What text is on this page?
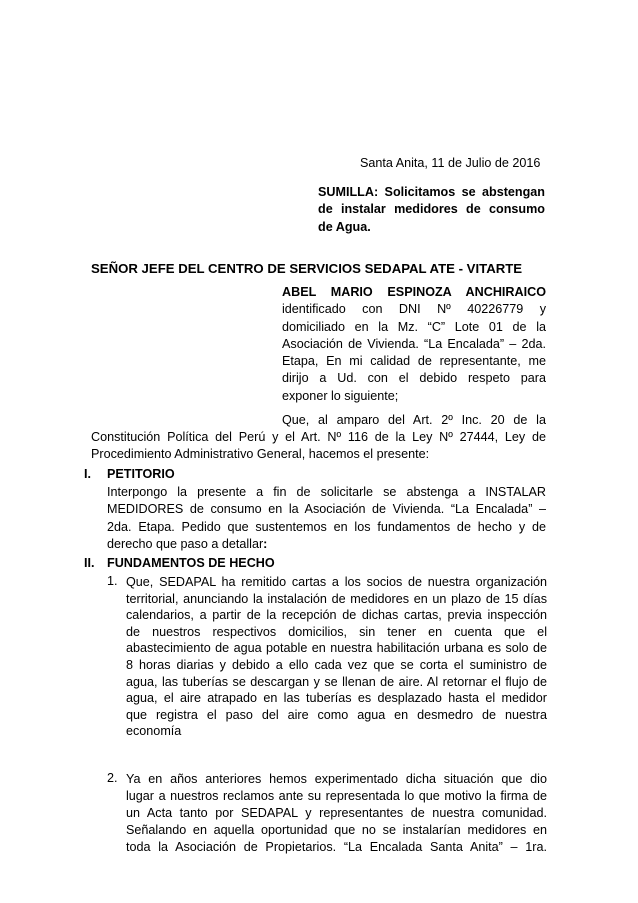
Santa Anita, 11 de Julio de 2016
SUMILLA: Solicitamos se abstengan
de instalar medidores de consumo
de Agua.
SEÑOR JEFE DEL CENTRO DE SERVICIOS SEDAPAL ATE - VITARTE
ABEL MARIO ESPINOZA ANCHIRAICO
identificado con DNI Nº 40226779 y
domiciliado en la Mz. “C” Lote 01 de la
Asociación de Vivienda. “La Encalada” – 2da.
Etapa, En mi calidad de representante, me
dirijo a Ud. con el debido respeto para
exponer lo siguiente;
Que, al amparo del Art. 2º Inc. 20 de la
Constitución Política del Perú y el Art. Nº 116 de la Ley Nº 27444, Ley de
Procedimiento Administrativo General, hacemos el presente:
I. PETITORIO
Interpongo la presente a fin de solicitarle se abstenga a INSTALAR
MEDIDORES de consumo en la Asociación de Vivienda. “La Encalada” –
2da. Etapa. Pedido que sustentemos en los fundamentos de hecho y de
derecho que paso a detallar:
II. FUNDAMENTOS DE HECHO
1. Que, SEDAPAL ha remitido cartas a los socios de nuestra organización
territorial, anunciando la instalación de medidores en un plazo de 15 días
calendarios, a partir de la recepción de dichas cartas, previa inspección
de nuestros respectivos domicilios, sin tener en cuenta que el
abastecimiento de agua potable en nuestra habilitación urbana es solo de
8 horas diarias y debido a ello cada vez que se corta el suministro de
agua, las tuberías se descargan y se llenan de aire. Al retornar el flujo de
agua, el aire atrapado en las tuberías es desplazado hasta el medidor
que registra el paso del aire como agua en desmedro de nuestra
economía
2. Ya en años anteriores hemos experimentado dicha situación que dio
lugar a nuestros reclamos ante su representada lo que motivo la firma de
un Acta tanto por SEDAPAL y representantes de nuestra comunidad.
Señalando en aquella oportunidad que no se instalarían medidores en
toda la Asociación de Propietarios. “La Encalada Santa Anita” – 1ra.
